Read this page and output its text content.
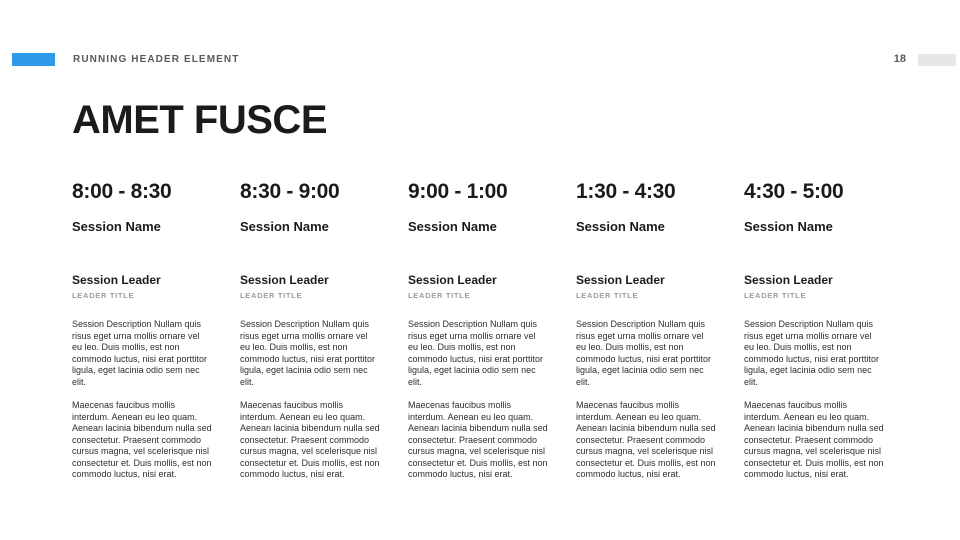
RUNNING HEADER ELEMENT	18
AMET FUSCE
8:00 - 8:30
Session Name
Session Leader
LEADER TITLE

Session Description Nullam quis risus eget urna mollis ornare vel eu leo. Duis mollis, est non commodo luctus, nisi erat porttitor ligula, eget lacinia odio sem nec elit.

Maecenas faucibus mollis interdum. Aenean eu leo quam. Aenean lacinia bibendum nulla sed consectetur. Praesent commodo cursus magna, vel scelerisque nisl consectetur et. Duis mollis, est non commodo luctus, nisi erat.

8:30 - 9:00
Session Name
Session Leader
LEADER TITLE

Session Description Nullam quis risus eget urna mollis ornare vel eu leo. Duis mollis, est non commodo luctus, nisi erat porttitor ligula, eget lacinia odio sem nec elit.

Maecenas faucibus mollis interdum. Aenean eu leo quam. Aenean lacinia bibendum nulla sed consectetur. Praesent commodo cursus magna, vel scelerisque nisl consectetur et. Duis mollis, est non commodo luctus, nisi erat.

9:00 - 1:00
Session Name
Session Leader
LEADER TITLE

Session Description Nullam quis risus eget urna mollis ornare vel eu leo. Duis mollis, est non commodo luctus, nisi erat porttitor ligula, eget lacinia odio sem nec elit.

Maecenas faucibus mollis interdum. Aenean eu leo quam. Aenean lacinia bibendum nulla sed consectetur. Praesent commodo cursus magna, vel scelerisque nisl consectetur et. Duis mollis, est non commodo luctus, nisi erat.

1:30 - 4:30
Session Name
Session Leader
LEADER TITLE

Session Description Nullam quis risus eget urna mollis ornare vel eu leo. Duis mollis, est non commodo luctus, nisi erat porttitor ligula, eget lacinia odio sem nec elit.

Maecenas faucibus mollis interdum. Aenean eu leo quam. Aenean lacinia bibendum nulla sed consectetur. Praesent commodo cursus magna, vel scelerisque nisl consectetur et. Duis mollis, est non commodo luctus, nisi erat.

4:30 - 5:00
Session Name
Session Leader
LEADER TITLE

Session Description Nullam quis risus eget urna mollis ornare vel eu leo. Duis mollis, est non commodo luctus, nisi erat porttitor ligula, eget lacinia odio sem nec elit.

Maecenas faucibus mollis interdum. Aenean eu leo quam. Aenean lacinia bibendum nulla sed consectetur. Praesent commodo cursus magna, vel scelerisque nisl consectetur et. Duis mollis, est non commodo luctus, nisi erat.
